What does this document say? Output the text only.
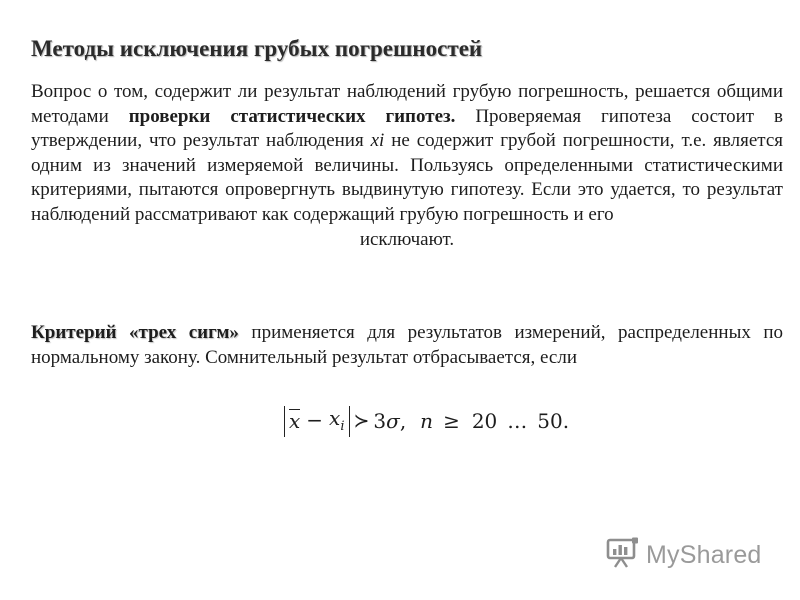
Методы исключения грубых погрешностей
Вопрос о том, содержит ли результат наблюдений грубую погрешность, решается общими методами проверки статистических гипотез. Проверяемая гипотеза состоит в утверждении, что результат наблюдения xi не содержит грубой погрешности, т.е. является одним из значений измеряемой величины. Пользуясь определенными статистическими критериями, пытаются опровергнуть выдвинутую гипотезу. Если это удается, то результат наблюдений рассматривают как содержащий грубую погрешность и его
исключают.
Критерий «трех сигм» применяется для результатов измерений, распределенных по нормальному закону. Сомнительный результат отбрасывается, если
$x - x_i$ ≻ 3 σ , n ≥ 20 … 50.
MyShared
